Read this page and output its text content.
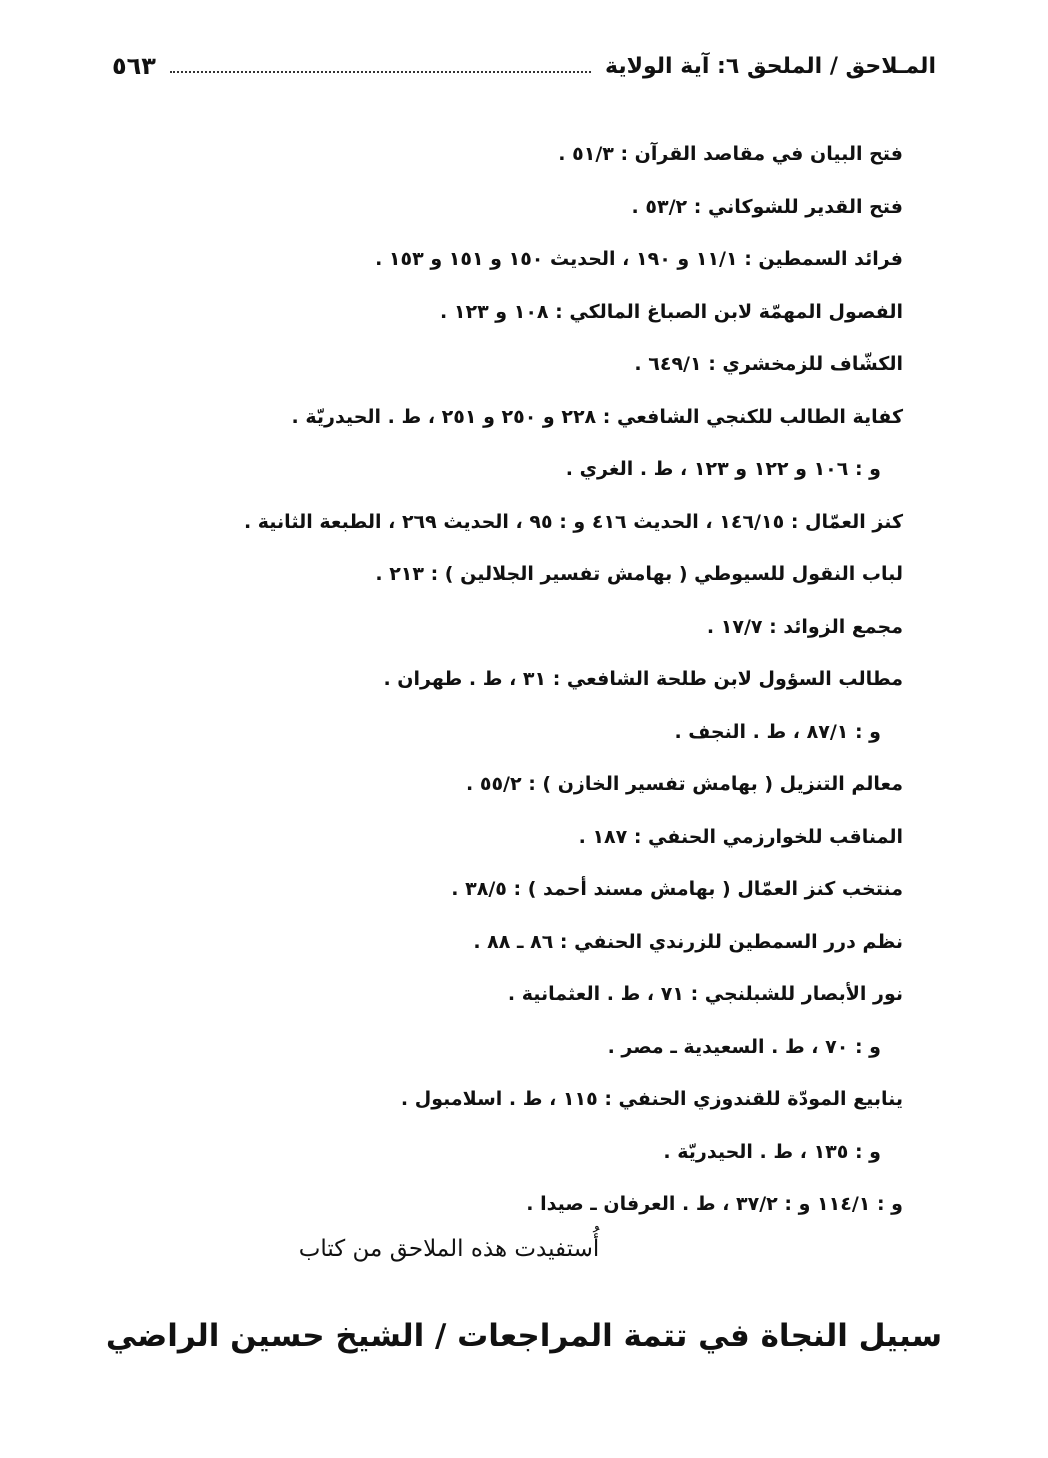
المـلاحق / الملحق ٦: آية الولاية
٥٦٣
فتح البيان في مقاصد القرآن : ٥١/٣ .
فتح القدير للشوكاني : ٥٣/٢ .
فرائد السمطين : ١١/١ و ١٩٠ ، الحديث ١٥٠ و ١٥١ و ١٥٣ .
الفصول المهمّة لابن الصباغ المالكي : ١٠٨ و ١٢٣ .
الكشّاف للزمخشري : ٦٤٩/١ .
كفاية الطالب للكنجي الشافعي : ٢٢٨ و ٢٥٠ و ٢٥١ ، ط . الحيدريّة .
و : ١٠٦ و ١٢٢ و ١٢٣ ، ط . الغري .
كنز العمّال : ١٤٦/١٥ ، الحديث ٤١٦ و : ٩٥ ، الحديث ٢٦٩ ، الطبعة الثانية .
لباب النقول للسيوطي ( بهامش تفسير الجلالين ) : ٢١٣ .
مجمع الزوائد : ١٧/٧ .
مطالب السؤول لابن طلحة الشافعي : ٣١ ، ط . طهران .
و : ٨٧/١ ، ط . النجف .
معالم التنزيل ( بهامش تفسير الخازن ) : ٥٥/٢ .
المناقب للخوارزمي الحنفي : ١٨٧ .
منتخب كنز العمّال ( بهامش مسند أحمد ) : ٣٨/٥ .
نظم درر السمطين للزرندي الحنفي : ٨٦ ـ ٨٨ .
نور الأبصار للشبلنجي : ٧١ ، ط . العثمانية .
و : ٧٠ ، ط . السعيدية ـ مصر .
ينابيع المودّة للقندوزي الحنفي : ١١٥ ، ط . اسلامبول .
و : ١٣٥ ، ط . الحيدريّة .
و : ١١٤/١ و : ٣٧/٢ ، ط . العرفان ـ صيدا .
أُستفيدت هذه الملاحق من كتاب
سبيل النجاة في تتمة المراجعات / الشيخ حسين الراضي
